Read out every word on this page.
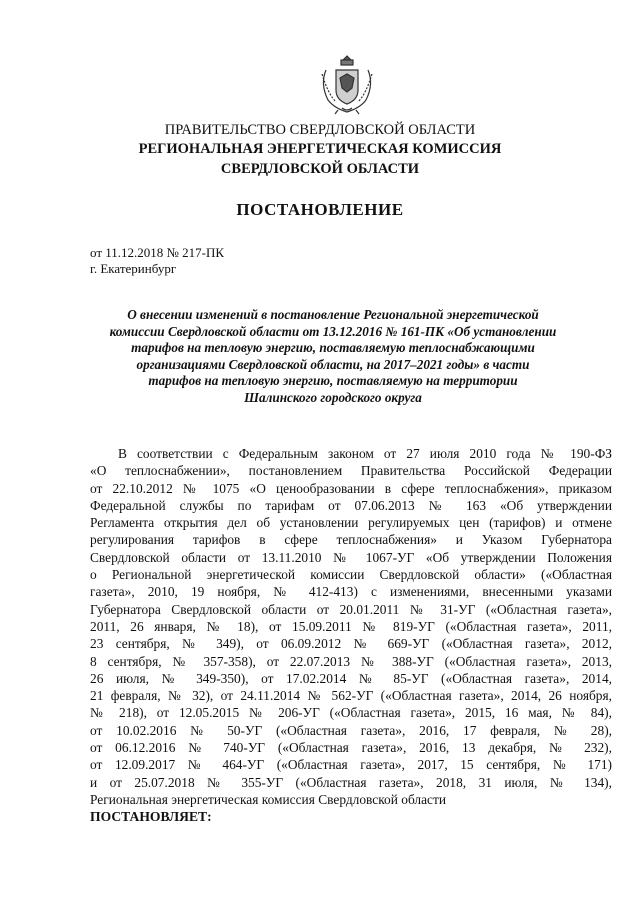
ПРАВИТЕЛЬСТВО СВЕРДЛОВСКОЙ ОБЛАСТИ
РЕГИОНАЛЬНАЯ ЭНЕРГЕТИЧЕСКАЯ КОМИССИЯ
СВЕРДЛОВСКОЙ ОБЛАСТИ
ПОСТАНОВЛЕНИЕ
от 11.12.2018 № 217-ПК
г. Екатеринбург
О внесении изменений в постановление Региональной энергетической
комиссии Свердловской области от 13.12.2016 № 161-ПК «Об установлении
тарифов на тепловую энергию, поставляемую теплоснабжающими
организациями Свердловской области, на 2017–2021 годы» в части
тарифов на тепловую энергию, поставляемую на территории
Шалинского городского округа
В соответствии с Федеральным законом от 27 июля 2010 года № 190-ФЗ
«О теплоснабжении», постановлением Правительства Российской Федерации
от 22.10.2012 № 1075 «О ценообразовании в сфере теплоснабжения», приказом
Федеральной службы по тарифам от 07.06.2013 № 163 «Об утверждении
Регламента открытия дел об установлении регулируемых цен (тарифов) и отмене
регулирования тарифов в сфере теплоснабжения» и Указом Губернатора
Свердловской области от 13.11.2010 № 1067-УГ «Об утверждении Положения
о Региональной энергетической комиссии Свердловской области» («Областная
газета», 2010, 19 ноября, № 412-413) с изменениями, внесенными указами
Губернатора Свердловской области от 20.01.2011 № 31-УГ («Областная газета»,
2011, 26 января, № 18), от 15.09.2011 № 819-УГ («Областная газета», 2011,
23 сентября, № 349), от 06.09.2012 № 669-УГ («Областная газета», 2012,
8 сентября, № 357-358), от 22.07.2013 № 388-УГ («Областная газета», 2013,
26 июля, № 349-350), от 17.02.2014 № 85-УГ («Областная газета», 2014,
21 февраля, № 32), от 24.11.2014 № 562-УГ («Областная газета», 2014, 26 ноября,
№ 218), от 12.05.2015 № 206-УГ («Областная газета», 2015, 16 мая, № 84),
от 10.02.2016 № 50-УГ («Областная газета», 2016, 17 февраля, № 28),
от 06.12.2016 № 740-УГ («Областная газета», 2016, 13 декабря, № 232),
от 12.09.2017 № 464-УГ («Областная газета», 2017, 15 сентября, № 171)
и от 25.07.2018 № 355-УГ («Областная газета», 2018, 31 июля, № 134),
Региональная энергетическая комиссия Свердловской области
ПОСТАНОВЛЯЕТ:
